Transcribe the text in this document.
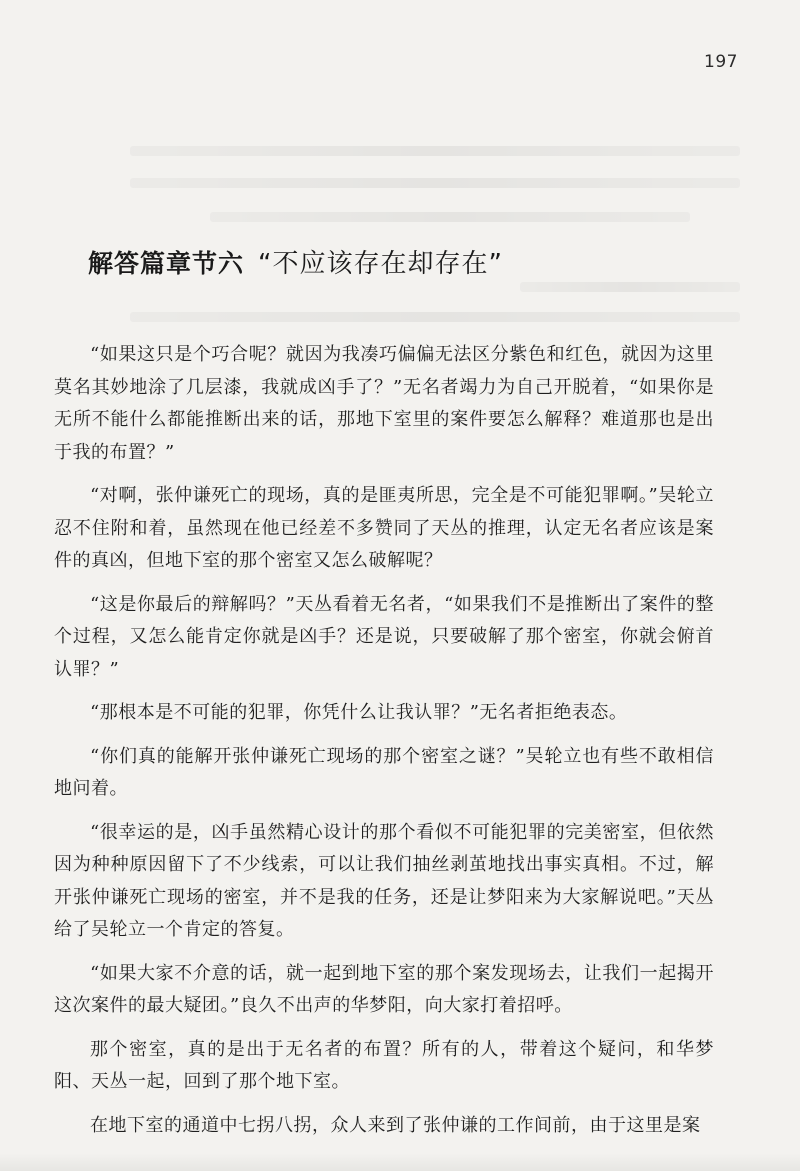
197
解答篇章节六 “不应该存在却存在”

“如果这只是个巧合呢？就因为我凑巧偏偏无法区分紫色和红色，就因为这里莫名其妙地涂了几层漆，我就成凶手了？”无名者竭力为自己开脱着，“如果你是无所不能什么都能推断出来的话，那地下室里的案件要怎么解释？难道那也是出于我的布置？”

“对啊，张仲谦死亡的现场，真的是匪夷所思，完全是不可能犯罪啊。”吴轮立忍不住附和着，虽然现在他已经差不多赞同了天丛的推理，认定无名者应该是案件的真凶，但地下室的那个密室又怎么破解呢？

“这是你最后的辩解吗？”天丛看着无名者，“如果我们不是推断出了案件的整个过程，又怎么能肯定你就是凶手？还是说，只要破解了那个密室，你就会俯首认罪？”

“那根本是不可能的犯罪，你凭什么让我认罪？”无名者拒绝表态。

“你们真的能解开张仲谦死亡现场的那个密室之谜？”吴轮立也有些不敢相信地问着。

“很幸运的是，凶手虽然精心设计的那个看似不可能犯罪的完美密室，但依然因为种种原因留下了不少线索，可以让我们抽丝剥茧地找出事实真相。不过，解开张仲谦死亡现场的密室，并不是我的任务，还是让梦阳来为大家解说吧。”天丛给了吴轮立一个肯定的答复。

“如果大家不介意的话，就一起到地下室的那个案发现场去，让我们一起揭开这次案件的最大疑团。”良久不出声的华梦阳，向大家打着招呼。

那个密室，真的是出于无名者的布置？所有的人，带着这个疑问，和华梦阳、天丛一起，回到了那个地下室。

在地下室的通道中七拐八拐，众人来到了张仲谦的工作间前，由于这里是案
